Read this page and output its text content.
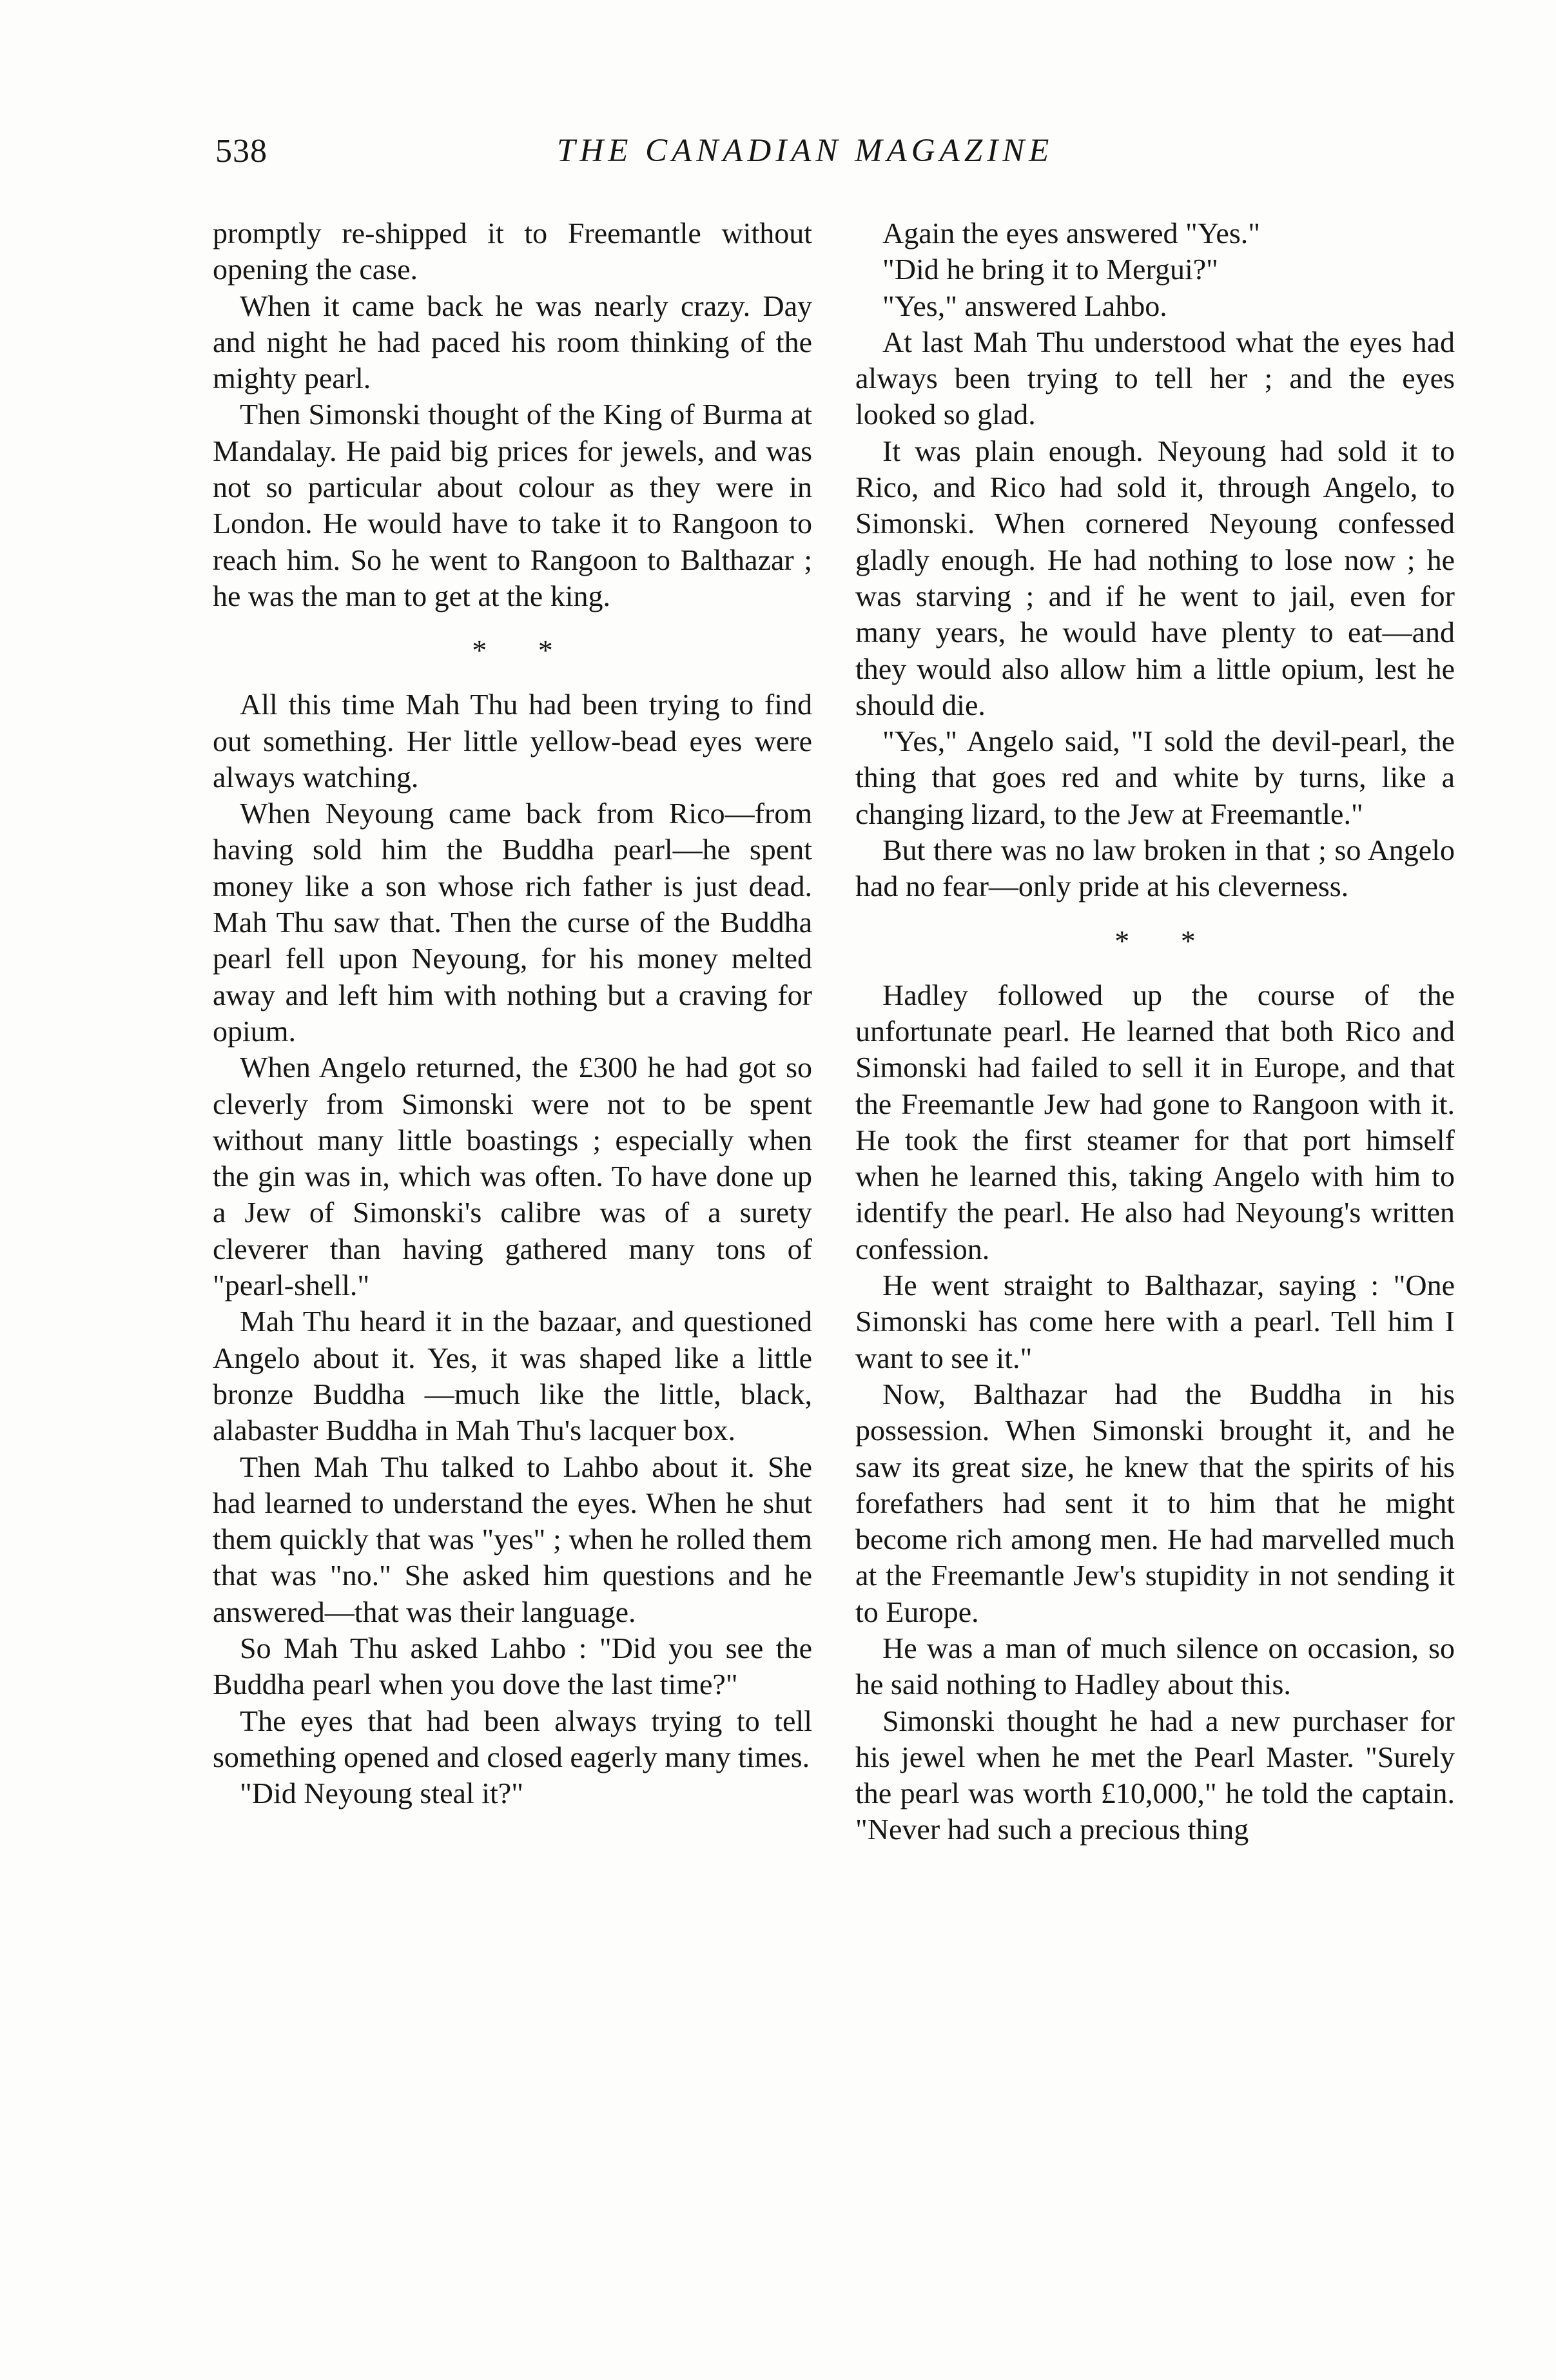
538	THE CANADIAN MAGAZINE

promptly re-shipped it to Freemantle without opening the case.

When it came back he was nearly crazy. Day and night he had paced his room thinking of the mighty pearl.

Then Simonski thought of the King of Burma at Mandalay. He paid big prices for jewels, and was not so particular about colour as they were in London. He would have to take it to Rangoon to reach him. So he went to Rangoon to Balthazar ; he was the man to get at the king.

* *

All this time Mah Thu had been trying to find out something. Her little yellow-bead eyes were always watching.

When Neyoung came back from Rico—from having sold him the Buddha pearl—he spent money like a son whose rich father is just dead. Mah Thu saw that. Then the curse of the Buddha pearl fell upon Neyoung, for his money melted away and left him with nothing but a craving for opium.

When Angelo returned, the £300 he had got so cleverly from Simonski were not to be spent without many little boastings ; especially when the gin was in, which was often. To have done up a Jew of Simonski's calibre was of a surety cleverer than having gathered many tons of "pearl-shell."

Mah Thu heard it in the bazaar, and questioned Angelo about it. Yes, it was shaped like a little bronze Buddha —much like the little, black, alabaster Buddha in Mah Thu's lacquer box.

Then Mah Thu talked to Lahbo about it. She had learned to understand the eyes. When he shut them quickly that was "yes" ; when he rolled them that was "no." She asked him questions and he answered—that was their language.

So Mah Thu asked Lahbo : "Did you see the Buddha pearl when you dove the last time?"

The eyes that had been always trying to tell something opened and closed eagerly many times.

"Did Neyoung steal it?"

Again the eyes answered "Yes."

"Did he bring it to Mergui?"

"Yes," answered Lahbo.

At last Mah Thu understood what the eyes had always been trying to tell her ; and the eyes looked so glad.

It was plain enough. Neyoung had sold it to Rico, and Rico had sold it, through Angelo, to Simonski. When cornered Neyoung confessed gladly enough. He had nothing to lose now ; he was starving ; and if he went to jail, even for many years, he would have plenty to eat—and they would also allow him a little opium, lest he should die.

"Yes," Angelo said, "I sold the devil-pearl, the thing that goes red and white by turns, like a changing lizard, to the Jew at Freemantle."

But there was no law broken in that ; so Angelo had no fear—only pride at his cleverness.

* *

Hadley followed up the course of the unfortunate pearl. He learned that both Rico and Simonski had failed to sell it in Europe, and that the Freemantle Jew had gone to Rangoon with it. He took the first steamer for that port himself when he learned this, taking Angelo with him to identify the pearl. He also had Neyoung's written confession.

He went straight to Balthazar, saying : "One Simonski has come here with a pearl. Tell him I want to see it."

Now, Balthazar had the Buddha in his possession. When Simonski brought it, and he saw its great size, he knew that the spirits of his forefathers had sent it to him that he might become rich among men. He had marvelled much at the Freemantle Jew's stupidity in not sending it to Europe.

He was a man of much silence on occasion, so he said nothing to Hadley about this.

Simonski thought he had a new purchaser for his jewel when he met the Pearl Master. "Surely the pearl was worth £10,000," he told the captain. "Never had such a precious thing
